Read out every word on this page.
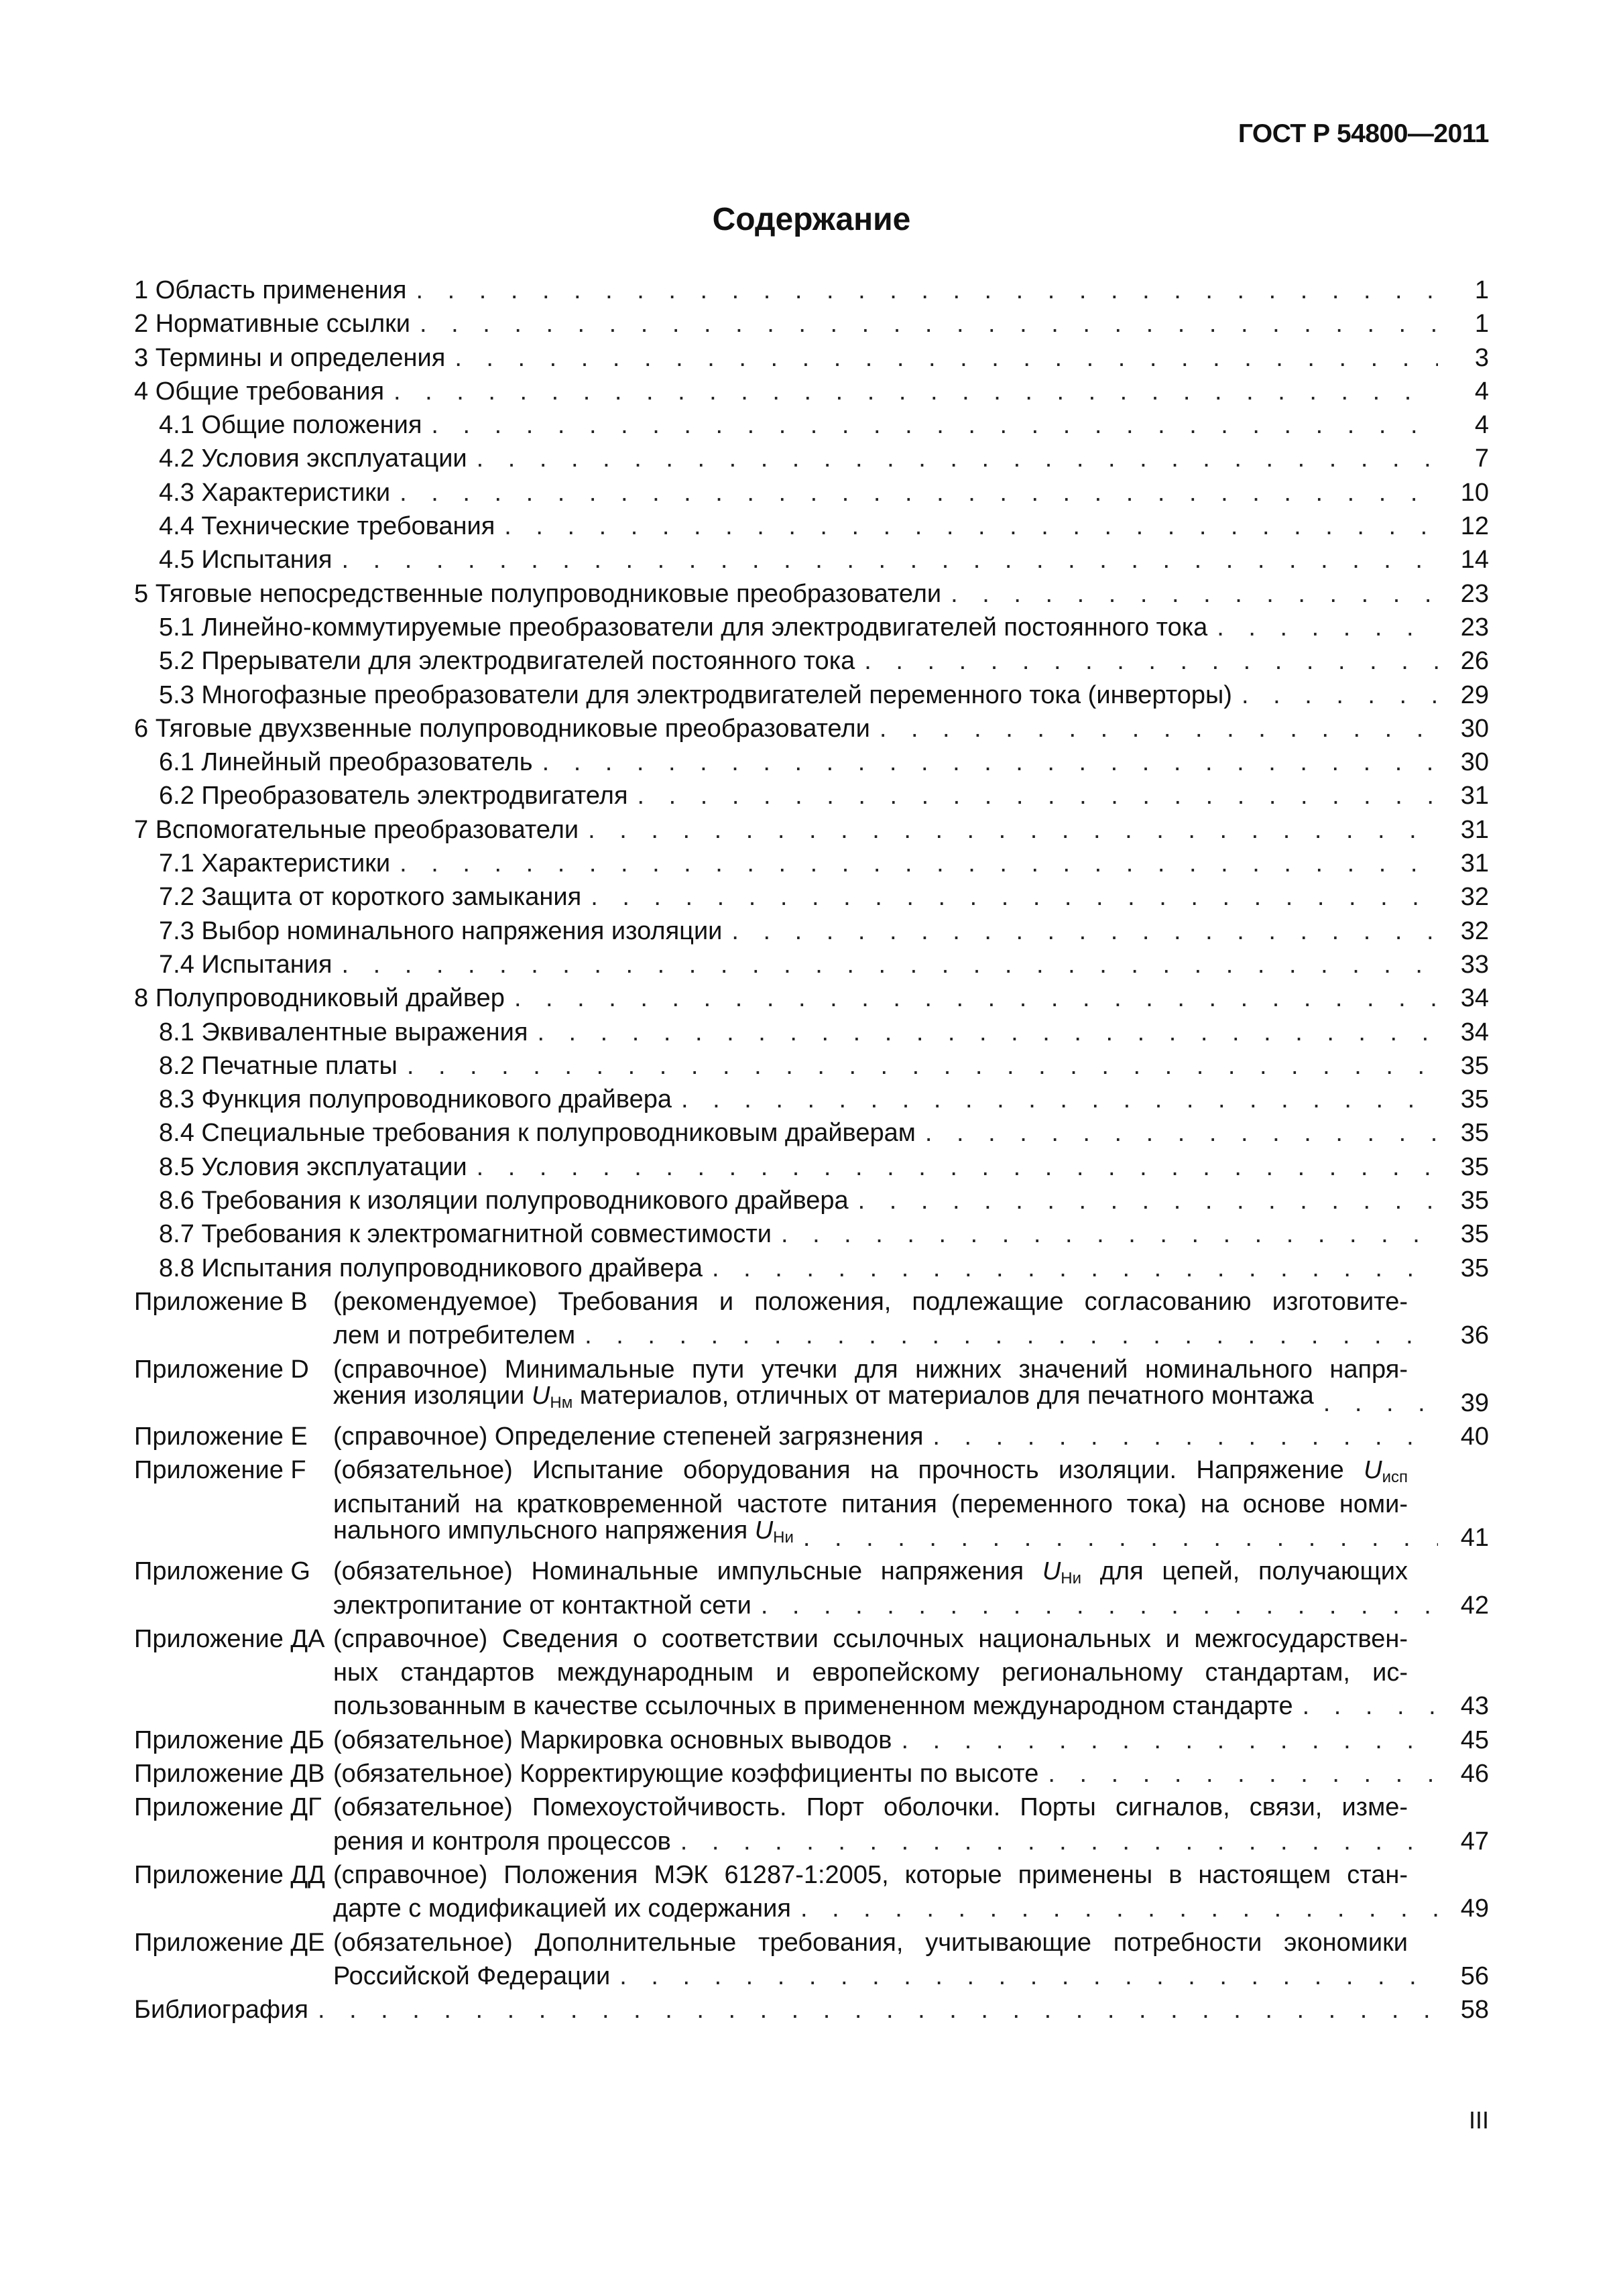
ГОСТ Р 54800—2011
Содержание
1 Область применения . . .	1
2 Нормативные ссылки . . .	1
3 Термины и определения . . .	3
4 Общие требования . . .	4
4.1 Общие положения . . .	4
4.2 Условия эксплуатации . . .	7
4.3 Характеристики . . .	10
4.4 Технические требования . . .	12
4.5 Испытания . . .	14
5 Тяговые непосредственные полупроводниковые преобразователи . . .	23
5.1 Линейно-коммутируемые преобразователи для электродвигателей постоянного тока . . .	23
5.2 Прерыватели для электродвигателей постоянного тока . . .	26
5.3 Многофазные преобразователи для электродвигателей переменного тока (инверторы) . . .	29
6 Тяговые двухзвенные полупроводниковые преобразователи . . .	30
6.1 Линейный преобразователь . . .	30
6.2 Преобразователь электродвигателя . . .	31
7 Вспомогательные преобразователи . . .	31
7.1 Характеристики . . .	31
7.2 Защита от короткого замыкания . . .	32
7.3 Выбор номинального напряжения изоляции . . .	32
7.4 Испытания . . .	33
8 Полупроводниковый драйвер . . .	34
8.1 Эквивалентные выражения . . .	34
8.2 Печатные платы . . .	35
8.3 Функция полупроводникового драйвера . . .	35
8.4 Специальные требования к полупроводниковым драйверам . . .	35
8.5 Условия эксплуатации . . .	35
8.6 Требования к изоляции полупроводникового драйвера . . .	35
8.7 Требования к электромагнитной совместимости . . .	35
8.8 Испытания полупроводникового драйвера . . .	35
Приложение B	(рекомендуемое) Требования и положения, подлежащие согласованию изготовите-
лем и потребителем . . .	36
Приложение D (справочное) Минимальные пути утечки для нижних значений номинального напря-
жения изоляции UНм материалов, отличных от материалов для печатного монтажа . . .	39
Приложение E	(справочное) Определение степеней загрязнения . . .	40
Приложение F	(обязательное) Испытание оборудования на прочность изоляции. Напряжение Uисп
испытаний на кратковременной частоте питания (переменного тока) на основе номи-
нального импульсного напряжения UНи . . .	41
Приложение G (обязательное) Номинальные импульсные напряжения UНи для цепей, получающих
электропитание от контактной сети . . .	42
Приложение ДА (справочное) Сведения о соответствии ссылочных национальных и межгосударствен-
ных стандартов международным и европейскому региональному стандартам, ис-
пользованным в качестве ссылочных в примененном международном стандарте . . .	43
Приложение ДБ (обязательное) Маркировка основных выводов . . .	45
Приложение ДВ (обязательное) Корректирующие коэффициенты по высоте . . .	46
Приложение ДГ (обязательное) Помехоустойчивость. Порт оболочки. Порты сигналов, связи, изме-
рения и контроля процессов . . .	47
Приложение ДД (справочное) Положения МЭК 61287-1:2005, которые применены в настоящем стан-
дарте с модификацией их содержания . . .	49
Приложение ДЕ (обязательное) Дополнительные требования, учитывающие потребности экономики
Российской Федерации . . .	56
Библиография . . .	58
III
